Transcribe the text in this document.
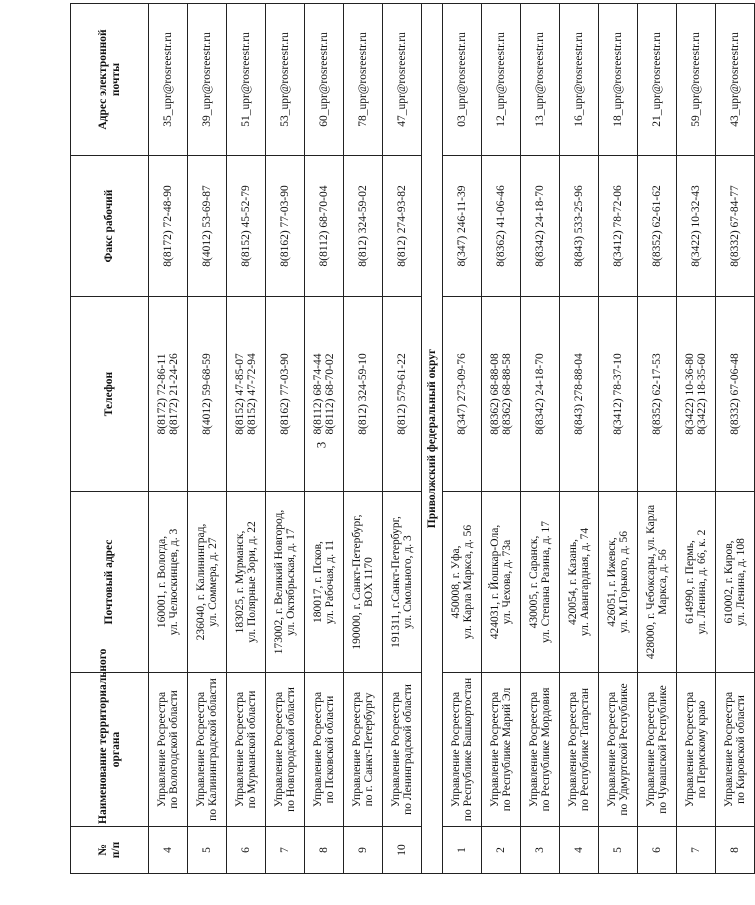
3
№ п/п	Наименование территориального органа	Почтовый адрес	Телефон	Факс рабочий	Адрес электронной почты

4	Управление Росреестра по Вологодской области	160001, г. Вологда, ул. Челюскинцев, д. 3	8(8172) 72-86-11 8(8172) 21-24-26	8(8172) 72-48-90	35_upr@rosreestr.ru

5	Управление Росреестра по Калининградской области	236040, г. Калининград, ул. Соммера, д. 27	8(4012) 59-68-59	8(4012) 53-69-87	39_upr@rosreestr.ru

6	Управление Росреестра по Мурманской области	183025, г. Мурманск, ул. Полярные Зори, д. 22	8(8152) 47-85-07 8(8152) 47-72-94	8(8152) 45-52-79	51_upr@rosreestr.ru

7	Управление Росреестра по Новгородской области	173002, г. Великий Новгород, ул. Октябрьская, д. 17	8(8162) 77-03-90	8(8162) 77-03-90	53_upr@rosreestr.ru

8	Управление Росреестра по Псковской области	180017, г. Псков, ул. Рабочая, д. 11	8(8112) 68-74-44 8(8112) 68-70-02	8(8112) 68-70-04	60_upr@rosreestr.ru

9	Управление Росреестра по г. Санкт-Петербургу	190000, г. Санкт-Петербург, BOX 1170	8(812) 324-59-10	8(812) 324-59-02	78_upr@rosreestr.ru

10	Управление Росреестра по Ленинградской области	191311, г.Санкт-Петербург, ул. Смольного, д. 3	8(812) 579-61-22	8(812) 274-93-82	47_upr@rosreestr.ru

Приволжский федеральный округ					

1	Управление Росреестра по Республике Башкортостан	450008, г. Уфа, ул. Карла Маркса, д. 56	8(347) 273-09-76	8(347) 246-11-39	03_upr@rosreestr.ru

2	Управление Росреестра по Республике Марий Эл	424031, г. Йошкар-Ола, ул. Чехова, д. 73а	8(8362) 68-88-08 8(8362) 68-88-58	8(8362) 41-06-46	12_upr@rosreestr.ru

3	Управление Росреестра по Республике Мордовия	430005, г. Саранск, ул. Степана Разина, д. 17	8(8342) 24-18-70	8(8342) 24-18-70	13_upr@rosreestr.ru

4	Управление Росреестра по Республике Татарстан	420054, г. Казань, ул. Авангардная, д. 74	8(843) 278-88-04	8(843) 533-25-96	16_upr@rosreestr.ru

5	Управление Росреестра по Удмуртской Республике	426051, г. Ижевск, ул. М.Горького, д. 56	8(3412) 78-37-10	8(3412) 78-72-06	18_upr@rosreestr.ru

6	Управление Росреестра по Чувашской Республике	428000, г. Чебоксары, ул. Карла Маркса, д. 56	8(8352) 62-17-53	8(8352) 62-61-62	21_upr@rosreestr.ru

7	Управление Росреестра по Пермскому краю	614990, г. Пермь, ул. Ленина, д. 66, к. 2	8(3422) 10-36-80 8(3422) 18-35-60	8(3422) 10-32-43	59_upr@rosreestr.ru

8	Управление Росреестра по Кировской области	610002, г. Киров, ул. Ленина, д. 108	8(8332) 67-06-48	8(8332) 67-84-77	43_upr@rosreestr.ru
